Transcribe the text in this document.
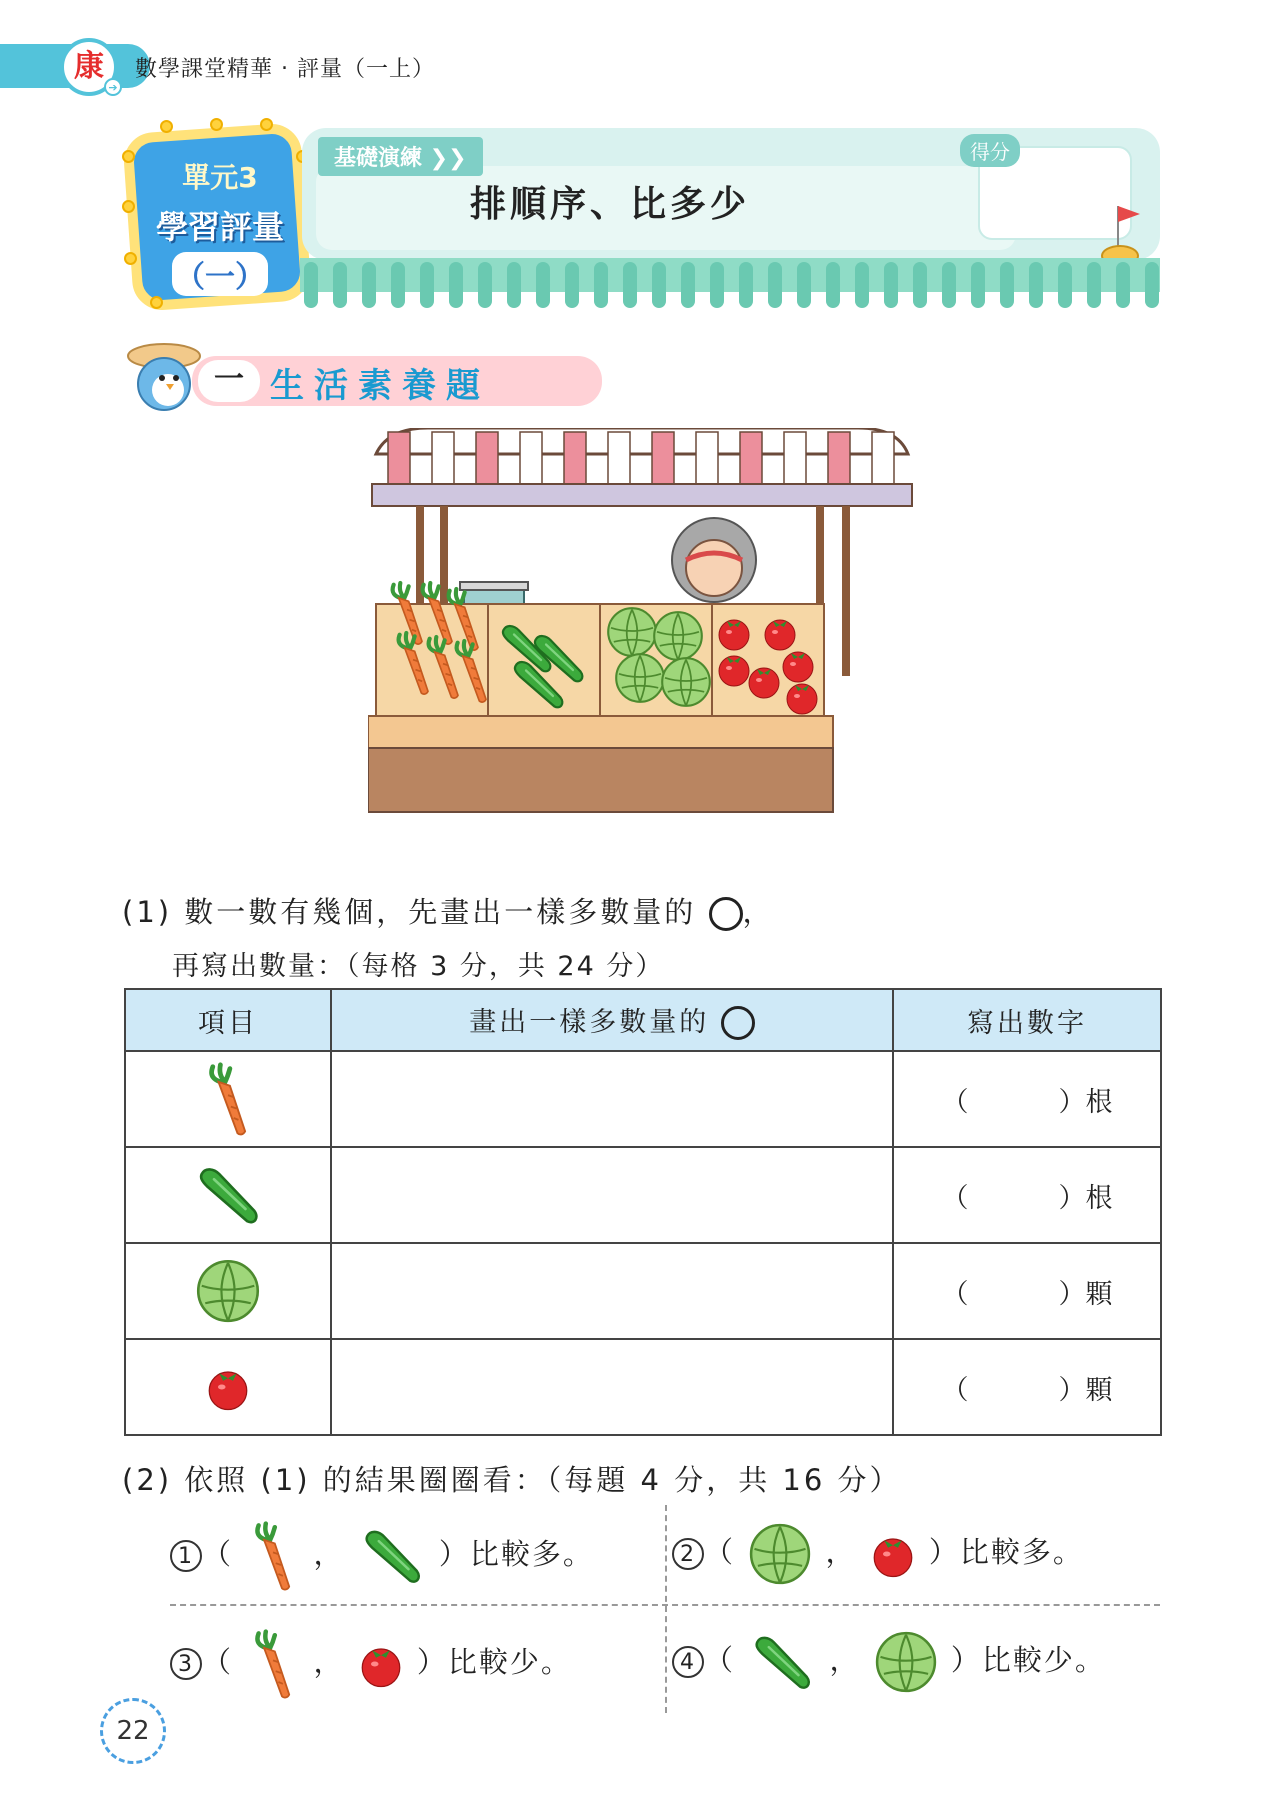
康
➔
數學課堂精華 ‧ 評量（一上）
單元3
學習評量
（一）
基礎演練 ❯❯
排順序、比多少
得分
一 生活素養題
(1) 數一數有幾個，先畫出一樣多數量的 ，
再寫出數量：（每格 3 分，共 24 分）
項目	畫出一樣多數量的	寫出數字
		（ ）根
		（ ）根
		（ ）顆
		（ ）顆
(2) 依照 (1) 的結果圈圈看：（每題 4 分，共 16 分）
1 （	，	）比較多。	2 （	， ）比較多。
3 （	， ）比較少。	4 （	，	）比較少。
22
